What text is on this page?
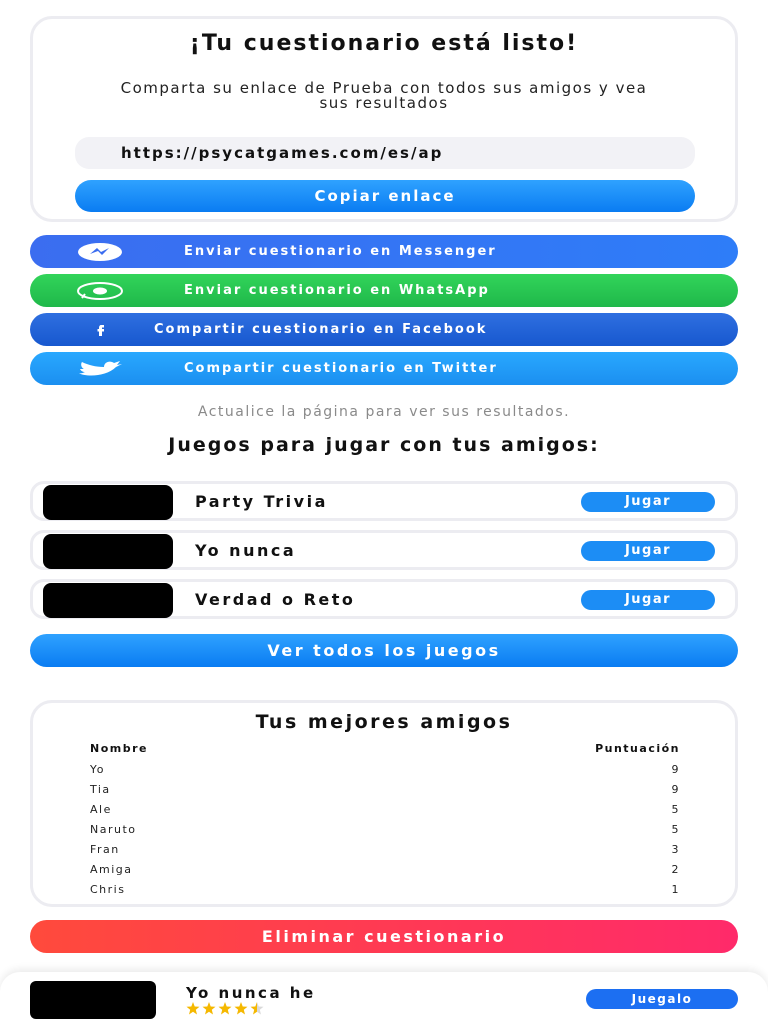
¡Tu cuestionario está listo!
Comparta su enlace de Prueba con todos sus amigos y vea sus resultados
https://psycatgames.com/es/ap
Copiar enlace
Enviar cuestionario en Messenger
Enviar cuestionario en WhatsApp
Compartir cuestionario en Facebook
Compartir cuestionario en Twitter
Actualice la página para ver sus resultados.
Juegos para jugar con tus amigos:
Party Trivia	Jugar
Yo nunca	Jugar
Verdad o Reto	Jugar
Ver todos los juegos
Tus mejores amigos
Nombre	Puntuación
Yo	9
Tia	9
Ale	5
Naruto	5
Fran	3
Amiga	2
Chris	1
Eliminar cuestionario
Yo nunca he	Juegalo
